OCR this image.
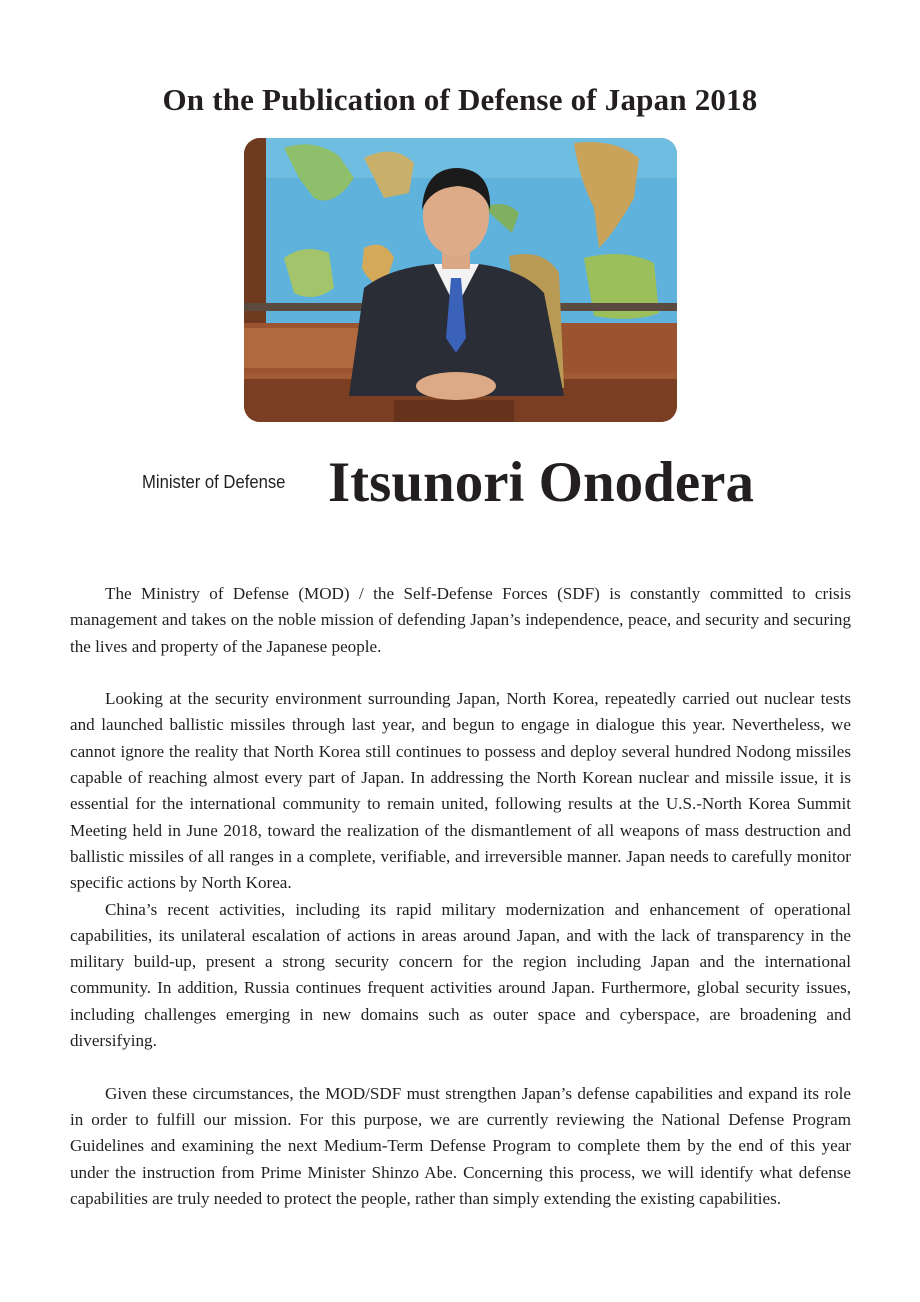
On the Publication of Defense of Japan 2018
Minister of Defense Itsunori Onodera

The Ministry of Defense (MOD) / the Self-Defense Forces (SDF) is constantly committed to crisis management and takes on the noble mission of defending Japan’s independence, peace, and security and securing the lives and property of the Japanese people.

Looking at the security environment surrounding Japan, North Korea, repeatedly carried out nuclear tests and launched ballistic missiles through last year, and begun to engage in dialogue this year. Nevertheless, we cannot ignore the reality that North Korea still continues to possess and deploy several hundred Nodong missiles capable of reaching almost every part of Japan. In addressing the North Korean nuclear and missile issue, it is essential for the international community to remain united, following results at the U.S.-North Korea Summit Meeting held in June 2018, toward the realization of the dismantlement of all weapons of mass destruction and ballistic missiles of all ranges in a complete, verifiable, and irreversible manner. Japan needs to carefully monitor specific actions by North Korea.

China’s recent activities, including its rapid military modernization and enhancement of operational capabilities, its unilateral escalation of actions in areas around Japan, and with the lack of transparency in the military build-up, present a strong security concern for the region including Japan and the international community. In addition, Russia continues frequent activities around Japan. Furthermore, global security issues, including challenges emerging in new domains such as outer space and cyberspace, are broadening and diversifying.

Given these circumstances, the MOD/SDF must strengthen Japan’s defense capabilities and expand its role in order to fulfill our mission. For this purpose, we are currently reviewing the National Defense Program Guidelines and examining the next Medium-Term Defense Program to complete them by the end of this year under the instruction from Prime Minister Shinzo Abe. Concerning this process, we will identify what defense capabilities are truly needed to protect the people, rather than simply extending the existing capabilities.
